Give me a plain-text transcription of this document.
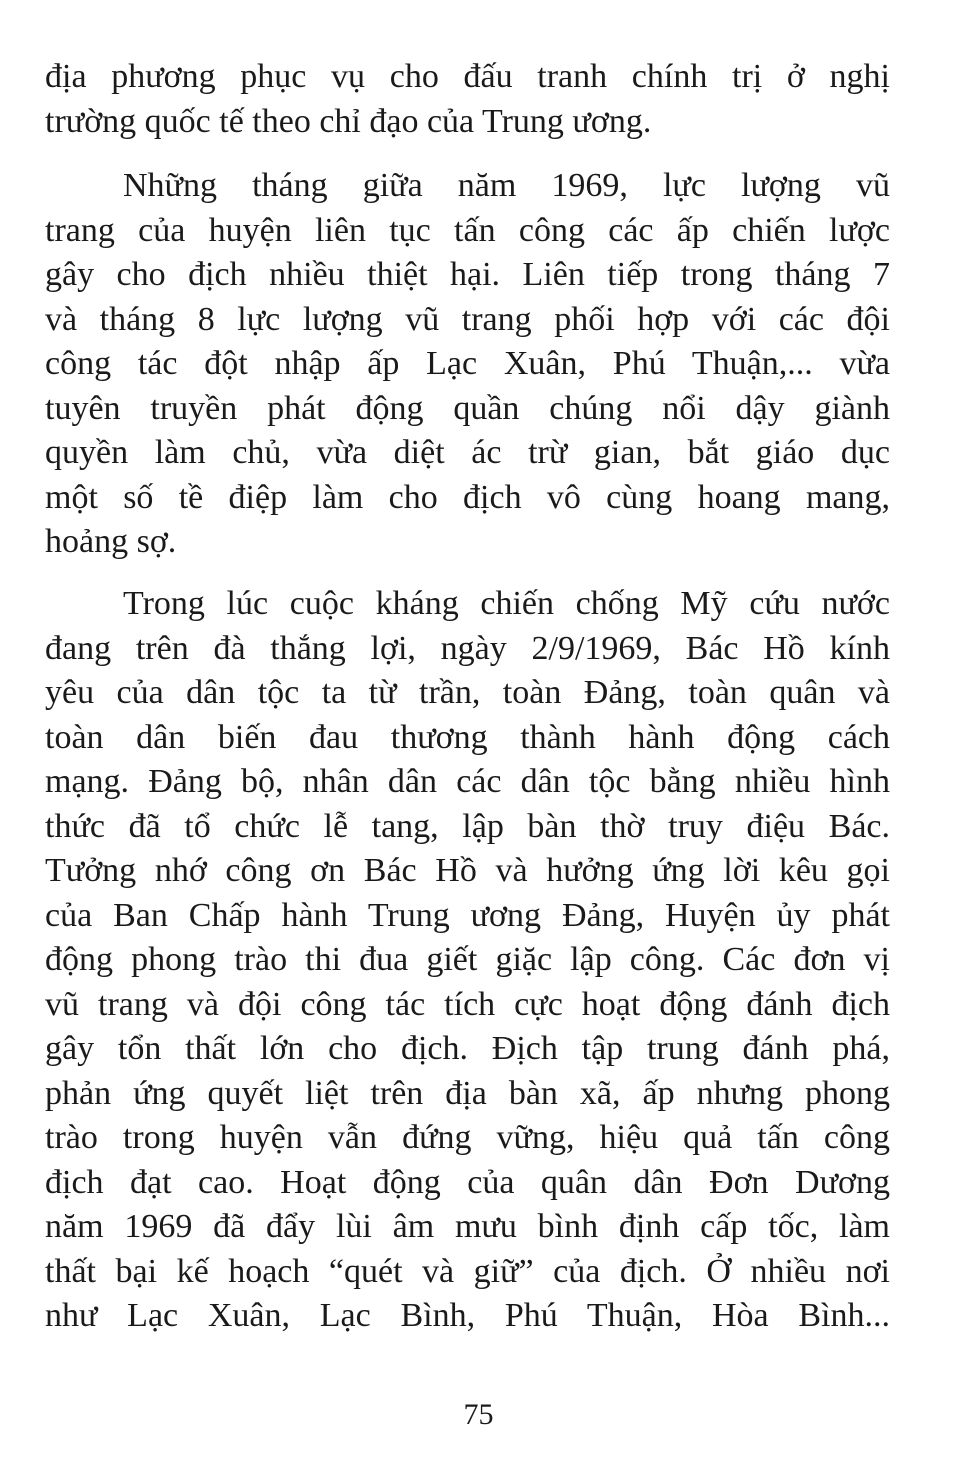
địa phương phục vụ cho đấu tranh chính trị ở nghị
trường quốc tế theo chỉ đạo của Trung ương.
Những tháng giữa năm 1969, lực lượng vũ
trang của huyện liên tục tấn công các ấp chiến lược
gây cho địch nhiều thiệt hại. Liên tiếp trong tháng 7
và tháng 8 lực lượng vũ trang phối hợp với các đội
công tác đột nhập ấp Lạc Xuân, Phú Thuận,... vừa
tuyên truyền phát động quần chúng nổi dậy giành
quyền làm chủ, vừa diệt ác trừ gian, bắt giáo dục
một số tề điệp làm cho địch vô cùng hoang mang,
hoảng sợ.
Trong lúc cuộc kháng chiến chống Mỹ cứu nước
đang trên đà thắng lợi, ngày 2/9/1969, Bác Hồ kính
yêu của dân tộc ta từ trần, toàn Đảng, toàn quân và
toàn dân biến đau thương thành hành động cách
mạng. Đảng bộ, nhân dân các dân tộc bằng nhiều hình
thức đã tổ chức lễ tang, lập bàn thờ truy điệu Bác.
Tưởng nhớ công ơn Bác Hồ và hưởng ứng lời kêu gọi
của Ban Chấp hành Trung ương Đảng, Huyện ủy phát
động phong trào thi đua giết giặc lập công. Các đơn vị
vũ trang và đội công tác tích cực hoạt động đánh địch
gây tổn thất lớn cho địch. Địch tập trung đánh phá,
phản ứng quyết liệt trên địa bàn xã, ấp nhưng phong
trào trong huyện vẫn đứng vững, hiệu quả tấn công
địch đạt cao. Hoạt động của quân dân Đơn Dương
năm 1969 đã đẩy lùi âm mưu bình định cấp tốc, làm
thất bại kế hoạch “quét và giữ” của địch. Ở nhiều nơi
như Lạc Xuân, Lạc Bình, Phú Thuận, Hòa Bình...
75
